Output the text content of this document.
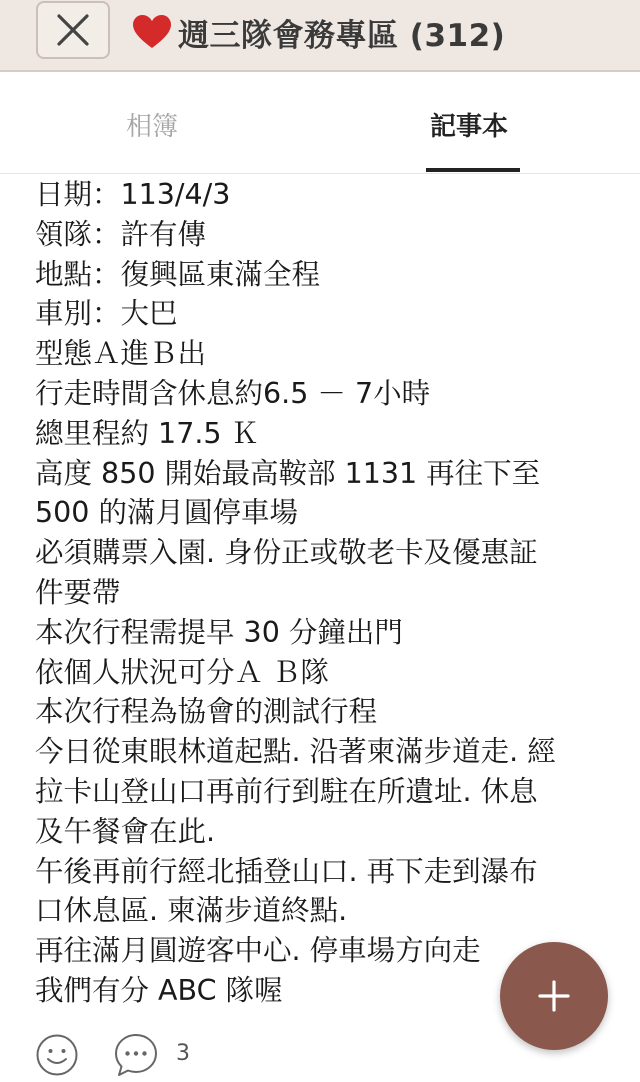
週三隊會務專區 (312)
相簿	記事本
日期：113/4/3
領隊：許有傳
地點：復興區東滿全程
車別：大巴
型態Ａ進Ｂ出
行走時間含休息約6.5 － 7小時
總里程約 17.5 Ｋ
高度 850 開始最高鞍部 1131 再往下至
500 的滿月圓停車場
必須購票入園. 身份正或敬老卡及優惠証
件要帶
本次行程需提早 30 分鐘出門
依個人狀況可分Ａ Ｂ隊
本次行程為協會的測試行程
今日從東眼林道起點. 沿著柬滿步道走. 經
拉卡山登山口再前行到駐在所遺址. 休息
及午餐會在此.
午後再前行經北插登山口. 再下走到瀑布
口休息區. 柬滿步道終點.
再往滿月圓遊客中心. 停車場方向走
我們有分 ABC 隊喔
3
